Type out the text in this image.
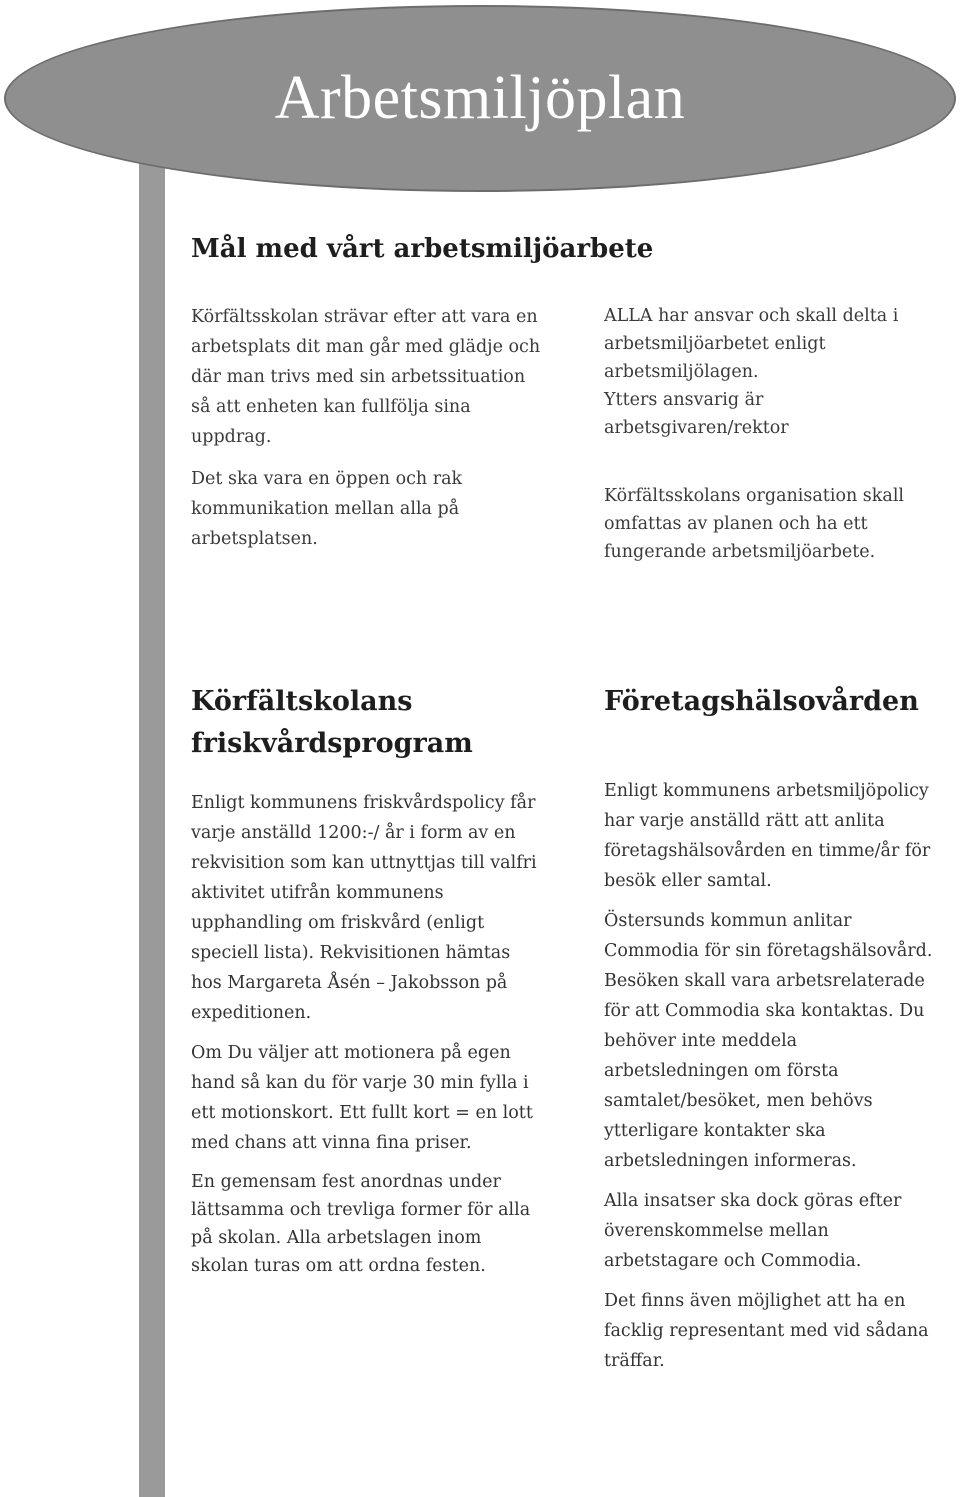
Arbetsmiljöplan
Mål med vårt arbetsmiljöarbete

Körfältsskolan strävar efter att vara en arbetsplats dit man går med glädje och där man trivs med sin arbetssituation så att enheten kan fullfölja sina uppdrag.

Det ska vara en öppen och rak kommunikation mellan alla på arbetsplatsen.

ALLA har ansvar och skall delta i arbetsmiljöarbetet enligt arbetsmiljölagen.

Ytters ansvarig är arbetsgivaren/rektor

Körfältsskolans organisation skall omfattas av planen och ha ett fungerande arbetsmiljöarbete.

Körfältskolans friskvårdsprogram

Enligt kommunens friskvårdspolicy får varje anställd 1200:-/ år i form av en rekvisition som kan uttnyttjas till valfri aktivitet utifrån kommunens upphandling om friskvård (enligt speciell lista). Rekvisitionen hämtas hos Margareta Åsén – Jakobsson på expeditionen.

Om Du väljer att motionera på egen hand så kan du för varje 30 min fylla i ett motionskort. Ett fullt kort = en lott med chans att vinna fina priser.

En gemensam fest anordnas under lättsamma och trevliga former för alla på skolan. Alla arbetslagen inom skolan turas om att ordna festen.

Företagshälsovården

Enligt kommunens arbetsmiljöpolicy har varje anställd rätt att anlita företagshälsovården en timme/år för besök eller samtal.

Östersunds kommun anlitar Commodia för sin företagshälsovård. Besöken skall vara arbetsrelaterade för att Commodia ska kontaktas. Du behöver inte meddela arbetsledningen om första samtalet/besöket, men behövs ytterligare kontakter ska arbetsledningen informeras.

Alla insatser ska dock göras efter överenskommelse mellan arbetstagare och Commodia.

Det finns även möjlighet att ha en facklig representant med vid sådana träffar.
